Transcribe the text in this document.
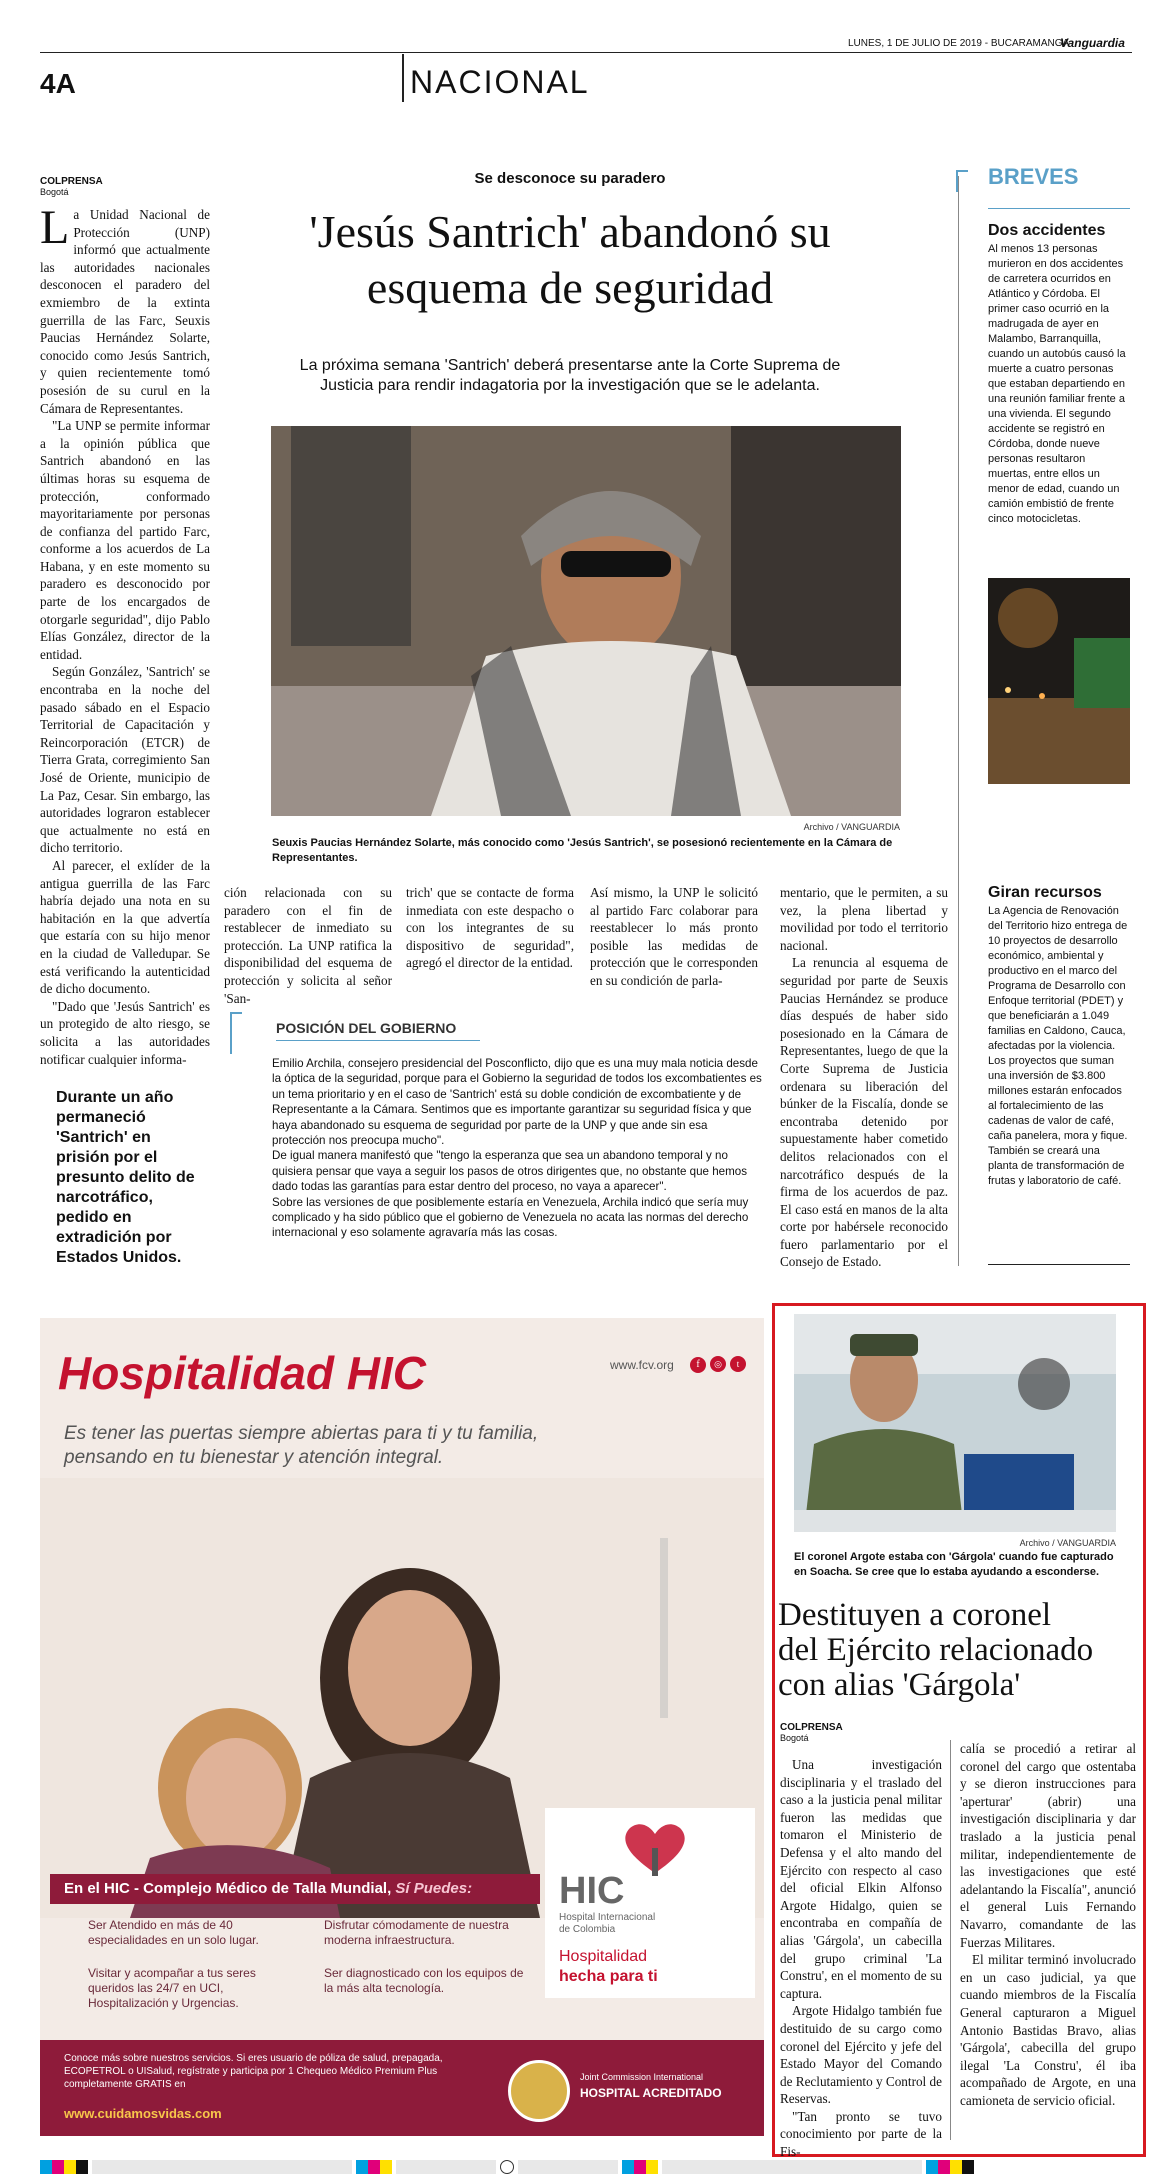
4A	NACIONAL
LUNES, 1 DE JULIO DE 2019 - BUCARAMANGA
Vanguardia
COLPRENSA
Bogotá
L a Unidad Nacional de Protección (UNP) informó que actualmente las autoridades nacionales desconocen el paradero del exmiembro de la extinta guerrilla de las Farc, Seuxis Paucias Hernández Solarte, conocido como Jesús Santrich, y quien recientemente tomó posesión de su curul en la Cámara de Representantes.

"La UNP se permite informar a la opinión pública que Santrich abandonó en las últimas horas su esquema de protección, conformado mayoritariamente por personas de confianza del partido Farc, conforme a los acuerdos de La Habana, y en este momento su paradero es desconocido por parte de los encargados de otorgarle seguridad", dijo Pablo Elías González, director de la entidad.

Según González, 'Santrich' se encontraba en la noche del pasado sábado en el Espacio Territorial de Capacitación y Reincorporación (ETCR) de Tierra Grata, corregimiento San José de Oriente, municipio de La Paz, Cesar. Sin embargo, las autoridades lograron establecer que actualmente no está en dicho territorio.

Al parecer, el exlíder de la antigua guerrilla de las Farc habría dejado una nota en su habitación en la que advertía que estaría con su hijo menor en la ciudad de Valledupar. Se está verificando la autenticidad de dicho documento.

"Dado que 'Jesús Santrich' es un protegido de alto riesgo, se solicita a las autoridades notificar cualquier informa-

Se desconoce su paradero
'Jesús Santrich' abandonó su
esquema de seguridad
La próxima semana 'Santrich' deberá presentarse ante la Corte Suprema de
Justicia para rendir indagatoria por la investigación que se le adelanta.
Archivo / VANGUARDIA
Seuxis Paucias Hernández Solarte, más conocido como 'Jesús Santrich', se posesionó recientemente en la Cámara de Representantes.
ción relacionada con su paradero con el fin de restablecer de inmediato su protección. La UNP ratifica la disponibilidad del esquema de protección y solicita al señor 'San-
trich' que se contacte de forma inmediata con este despacho o con los integrantes de su dispositivo de seguridad", agregó el director de la entidad.
Así mismo, la UNP le solicitó al partido Farc colaborar para reestablecer lo más pronto posible las medidas de protección que le corresponden en su condición de parla-

mentario, que le permiten, a su vez, la plena libertad y movilidad por todo el territorio nacional.

La renuncia al esquema de seguridad por parte de Seuxis Paucias Hernández se produce días después de haber sido posesionado en la Cámara de Representantes, luego de que la Corte Suprema de Justicia ordenara su liberación del búnker de la Fiscalía, donde se encontraba detenido por supuestamente haber cometido delitos relacionados con el narcotráfico después de la firma de los acuerdos de paz. El caso está en manos de la alta corte por habérsele reconocido fuero parlamentario por el Consejo de Estado.

POSICIÓN DEL GOBIERNO

Emilio Archila, consejero presidencial del Posconflicto, dijo que es una muy mala noticia desde la óptica de la seguridad, porque para el Gobierno la seguridad de todos los excombatientes es un tema prioritario y en el caso de 'Santrich' está su doble condición de excombatiente y de Representante a la Cámara. Sentimos que es importante garantizar su seguridad física y que haya abandonado su esquema de seguridad por parte de la UNP y que ande sin esa protección nos preocupa mucho".

De igual manera manifestó que "tengo la esperanza que sea un abandono temporal y no quisiera pensar que vaya a seguir los pasos de otros dirigentes que, no obstante que hemos dado todas las garantías para estar dentro del proceso, no vaya a aparecer".

Sobre las versiones de que posiblemente estaría en Venezuela, Archila indicó que sería muy complicado y ha sido público que el gobierno de Venezuela no acata las normas del derecho internacional y eso solamente agravaría más las cosas.

Durante un año permaneció 'Santrich' en prisión por el presunto delito de narcotráfico, pedido en extradición por Estados Unidos.
BREVES
Dos accidentes
Al menos 13 personas murieron en dos accidentes de carretera ocurridos en Atlántico y Córdoba. El primer caso ocurrió en la madrugada de ayer en Malambo, Barranquilla, cuando un autobús causó la muerte a cuatro personas que estaban departiendo en una reunión familiar frente a una vivienda. El segundo accidente se registró en Córdoba, donde nueve personas resultaron muertas, entre ellos un menor de edad, cuando un camión embistió de frente cinco motocicletas.
Giran recursos
La Agencia de Renovación del Territorio hizo entrega de 10 proyectos de desarrollo económico, ambiental y productivo en el marco del Programa de Desarrollo con Enfoque territorial (PDET) y que beneficiarán a 1.049 familias en Caldono, Cauca, afectadas por la violencia. Los proyectos que suman una inversión de $3.800 millones estarán enfocados al fortalecimiento de las cadenas de valor de café, caña panelera, mora y fique. También se creará una planta de transformación de frutas y laboratorio de café.
Hospitalidad HIC	www.fcv.org	f ◎ t
Es tener las puertas siempre abiertas para ti y tu familia,
pensando en tu bienestar y atención integral.
En el HIC - Complejo Médico de Talla Mundial, Sí Puedes:
Ser Atendido en más de 40 especialidades en un solo lugar.
Disfrutar cómodamente de nuestra moderna infraestructura.
Visitar y acompañar a tus seres queridos las 24/7 en UCI, Hospitalización y Urgencias.
Ser diagnosticado con los equipos de la más alta tecnología.
HIC
Hospital Internacional
de Colombia
Hospitalidad
hecha para ti
Conoce más sobre nuestros servicios. Si eres usuario de póliza de salud, prepagada, ECOPETROL o UISalud, regístrate y participa por 1 Chequeo Médico Premium Plus completamente GRATIS en
www.cuidamosvidas.com
Joint Commission International
HOSPITAL ACREDITADO
Archivo / VANGUARDIA
El coronel Argote estaba con 'Gárgola' cuando fue capturado en Soacha. Se cree que lo estaba ayudando a esconderse.
Destituyen a coronel
del Ejército relacionado
con alias 'Gárgola'
COLPRENSA
Bogotá

Una investigación disciplinaria y el traslado del caso a la justicia penal militar fueron las medidas que tomaron el Ministerio de Defensa y el alto mando del Ejército con respecto al caso del oficial Elkin Alfonso Argote Hidalgo, quien se encontraba en compañía de alias 'Gárgola', un cabecilla del grupo criminal 'La Constru', en el momento de su captura.

Argote Hidalgo también fue destituido de su cargo como coronel del Ejército y jefe del Estado Mayor del Comando de Reclutamiento y Control de Reservas.

"Tan pronto se tuvo conocimiento por parte de la Fis-

calía se procedió a retirar al coronel del cargo que ostentaba y se dieron instrucciones para 'aperturar' (abrir) una investigación disciplinaria y dar traslado a la justicia penal militar, independientemente de las investigaciones que esté adelantando la Fiscalía", anunció el general Luis Fernando Navarro, comandante de las Fuerzas Militares.

El militar terminó involucrado en un caso judicial, ya que cuando miembros de la Fiscalía General capturaron a Miguel Antonio Bastidas Bravo, alias 'Gárgola', cabecilla del grupo ilegal 'La Constru', él iba acompañado de Argote, en una camioneta de servicio oficial.
